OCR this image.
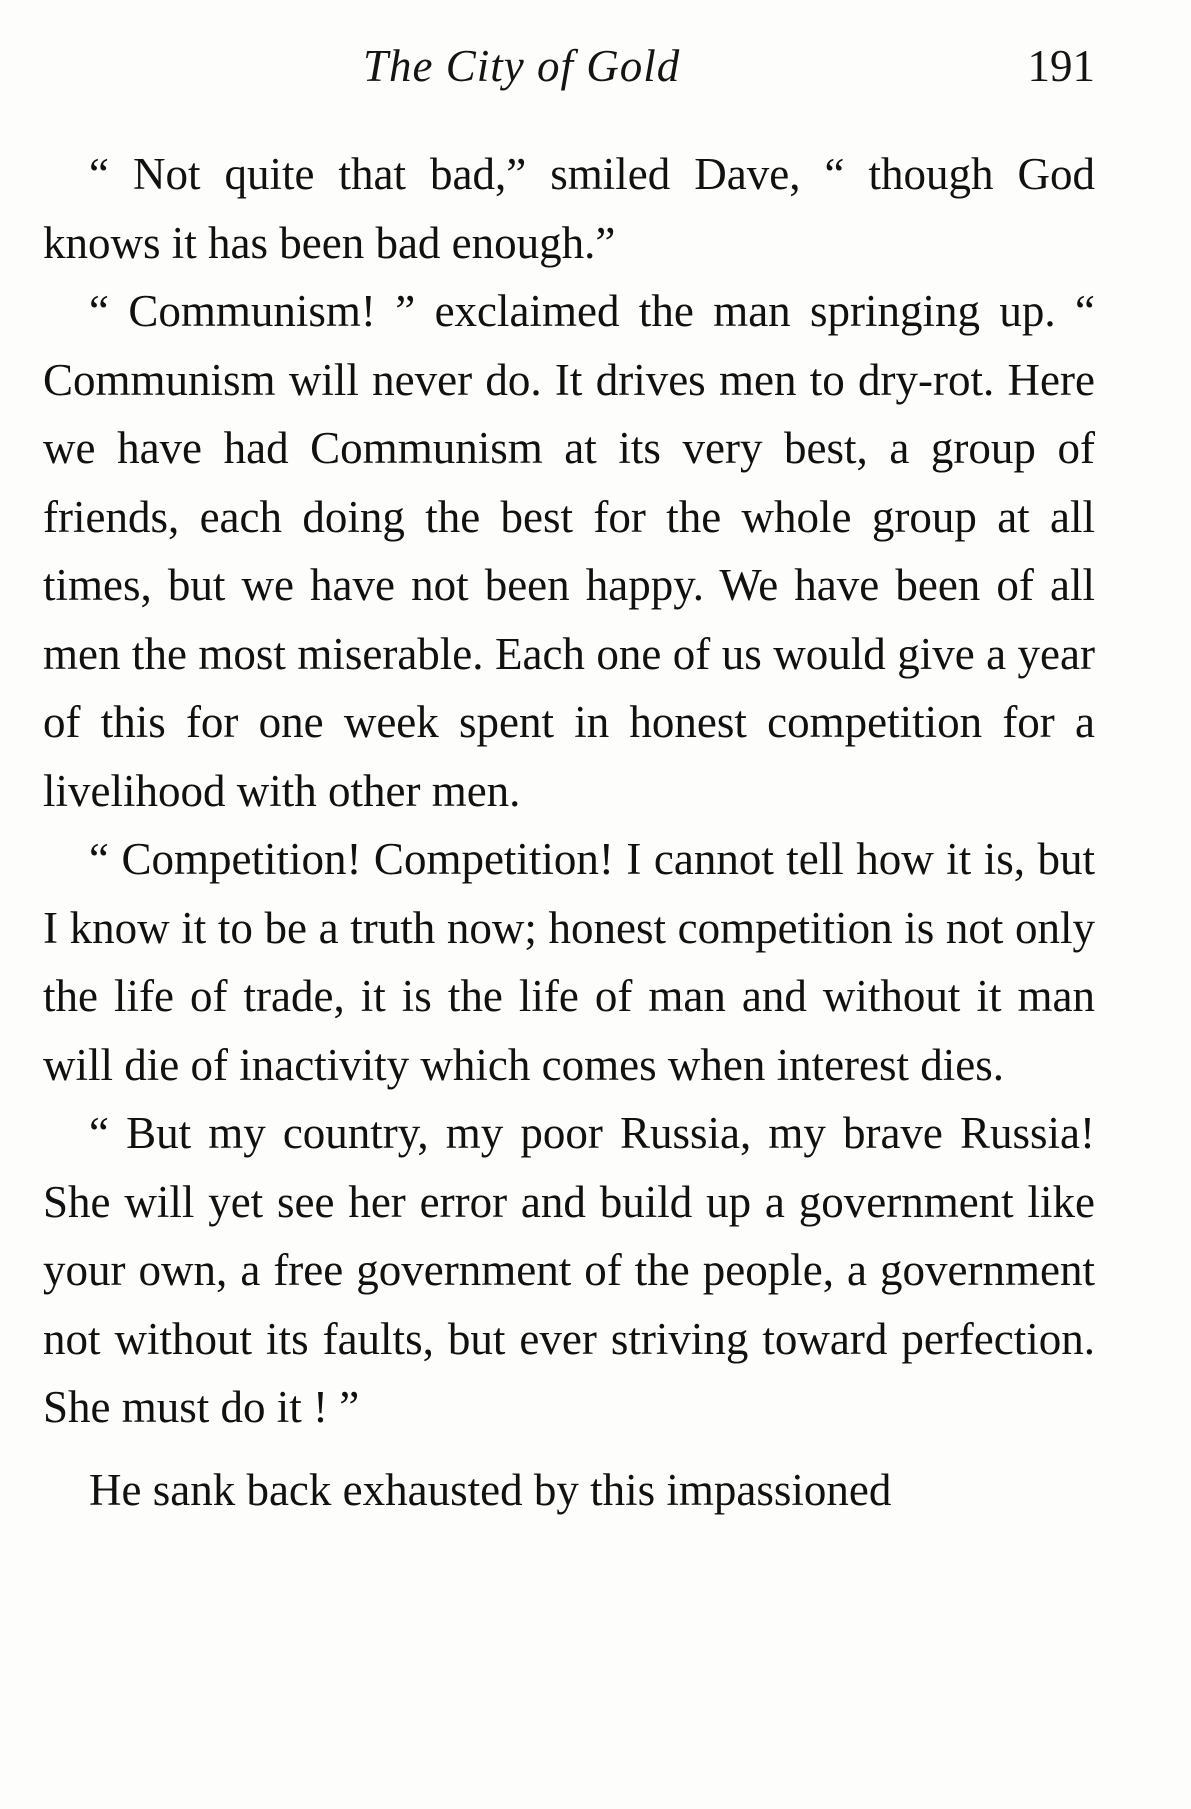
The City of Gold	191

“ Not quite that bad,” smiled Dave, “ though God knows it has been bad enough.”

“ Communism! ” exclaimed the man springing up. “ Communism will never do. It drives men to dry-rot. Here we have had Communism at its very best, a group of friends, each doing the best for the whole group at all times, but we have not been happy. We have been of all men the most miserable. Each one of us would give a year of this for one week spent in honest competition for a livelihood with other men.

“ Competition! Competition! I cannot tell how it is, but I know it to be a truth now; honest competition is not only the life of trade, it is the life of man and without it man will die of inactivity which comes when interest dies.

“ But my country, my poor Russia, my brave Russia! She will yet see her error and build up a government like your own, a free government of the people, a government not without its faults, but ever striving toward perfection. She must do it ! ”

He sank back exhausted by this impassioned
